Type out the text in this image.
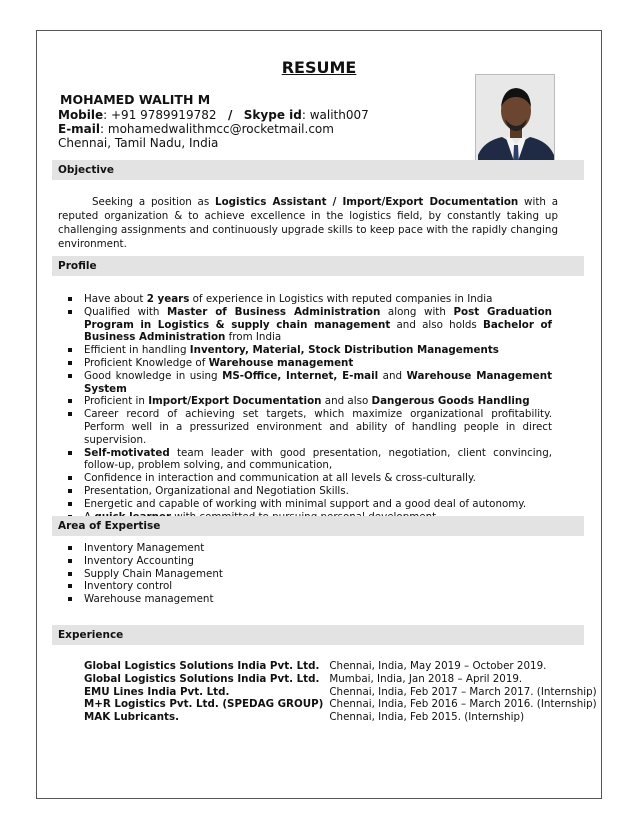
RESUME
MOHAMED WALITH M
Mobile: +91 9789919782 / Skype id: walith007
E-mail: mohamedwalithmcc@rocketmail.com
Chennai, Tamil Nadu, India
Objective
Seeking a position as Logistics Assistant / Import/Export Documentation with a reputed organization & to achieve excellence in the logistics field, by constantly taking up challenging assignments and continuously upgrade skills to keep pace with the rapidly changing environment.
Profile
Have about 2 years of experience in Logistics with reputed companies in India
Qualified with Master of Business Administration along with Post Graduation Program in Logistics & supply chain management and also holds Bachelor of Business Administration from India
Efficient in handling Inventory, Material, Stock Distribution Managements
Proficient Knowledge of Warehouse management
Good knowledge in using MS-Office, Internet, E-mail and Warehouse Management System
Proficient in Import/Export Documentation and also Dangerous Goods Handling
Career record of achieving set targets, which maximize organizational profitability. Perform well in a pressurized environment and ability of handling people in direct supervision.
Self-motivated team leader with good presentation, negotiation, client convincing, follow-up, problem solving, and communication,
Confidence in interaction and communication at all levels & cross-culturally.
Presentation, Organizational and Negotiation Skills.
Energetic and capable of working with minimal support and a good deal of autonomy.
Area of Expertise
Inventory Management
Inventory Accounting
Supply Chain Management
Inventory control
Warehouse management
Experience
Global Logistics Solutions India Pvt. Ltd.	Chennai, India, May 2019 – October 2019.
Global Logistics Solutions India Pvt. Ltd.	Mumbai, India, Jan 2018 – April 2019.
EMU Lines India Pvt. Ltd.	Chennai, India, Feb 2017 – March 2017. (Internship)
M+R Logistics Pvt. Ltd. (SPEDAG GROUP)	Chennai, India, Feb 2016 – March 2016. (Internship)
MAK Lubricants.	Chennai, India, Feb 2015. (Internship)
